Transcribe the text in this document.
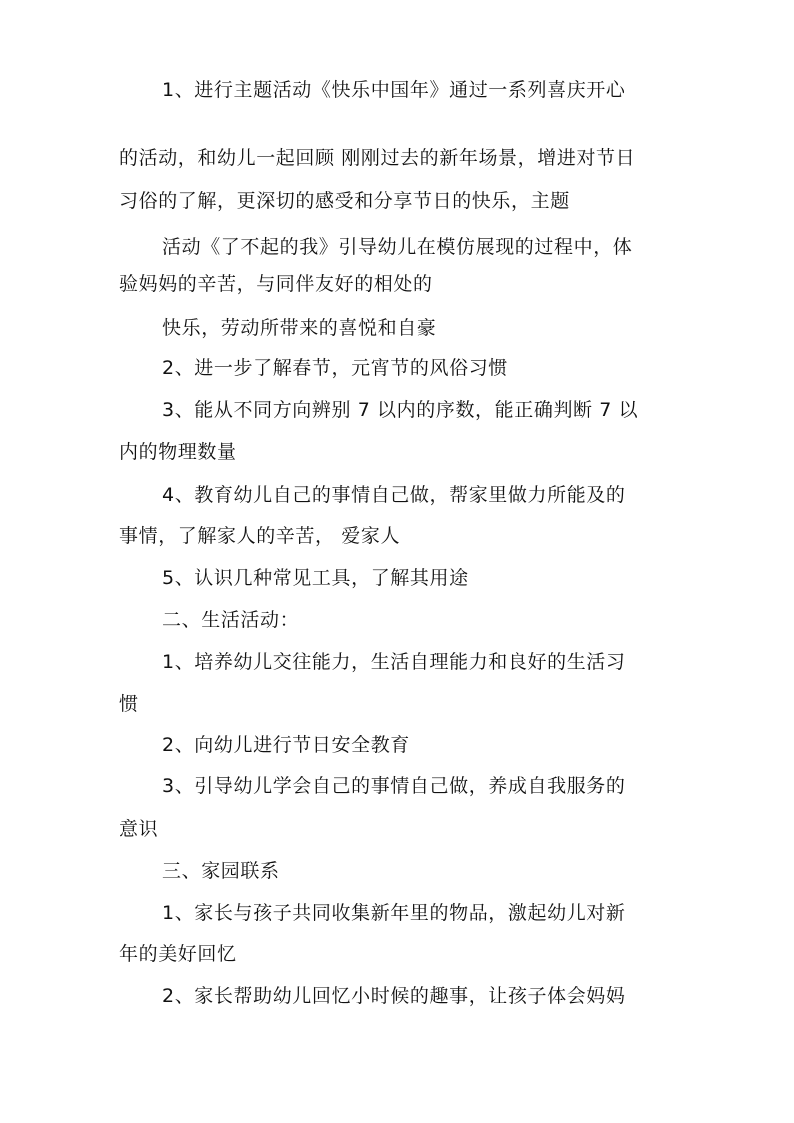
1、进行主题活动《快乐中国年》通过一系列喜庆开心
的活动，和幼儿一起回顾 刚刚过去的新年场景，增进对节日
习俗的了解，更深切的感受和分享节日的快乐，主题
活动《了不起的我》引导幼儿在模仿展现的过程中，体
验妈妈的辛苦，与同伴友好的相处的
快乐，劳动所带来的喜悦和自豪
2、进一步了解春节，元宵节的风俗习惯
3、能从不同方向辨别 7 以内的序数，能正确判断 7 以
内的物理数量
4、教育幼儿自己的事情自己做，帮家里做力所能及的
事情，了解家人的辛苦， 爱家人
5、认识几种常见工具，了解其用途
二、生活活动：
1、培养幼儿交往能力，生活自理能力和良好的生活习
惯
2、向幼儿进行节日安全教育
3、引导幼儿学会自己的事情自己做，养成自我服务的
意识
三、家园联系
1、家长与孩子共同收集新年里的物品，激起幼儿对新
年的美好回忆
2、家长帮助幼儿回忆小时候的趣事，让孩子体会妈妈
